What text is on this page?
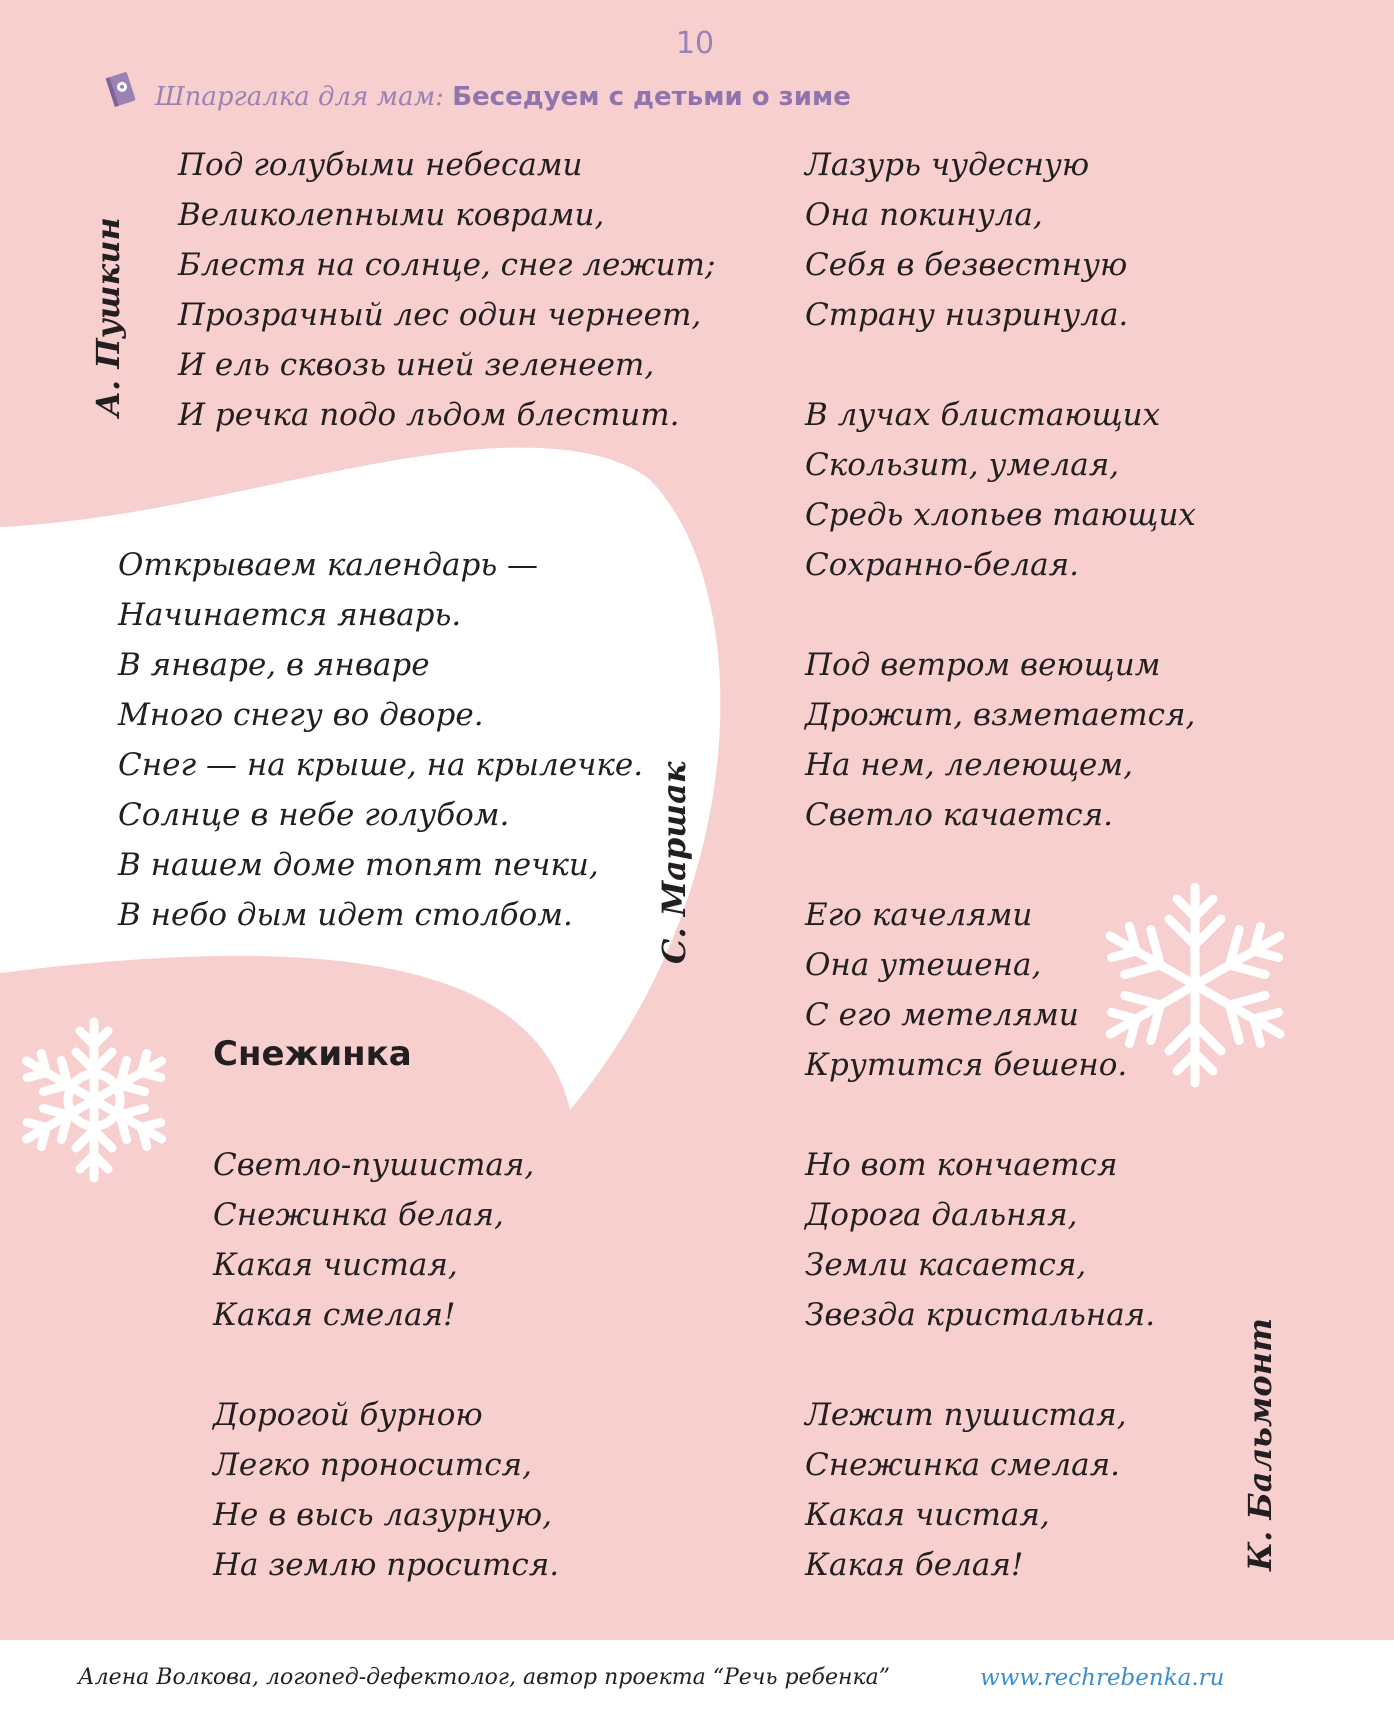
10
Шпаргалка для мам: Беседуем с детьми о зиме
Под голубыми небесами
Великолепными коврами,
Блестя на солнце, снег лежит;
Прозрачный лес один чернеет,
И ель сквозь иней зеленеет,
И речка подо льдом блестит.
А. Пушкин
Открываем календарь —
Начинается январь.
В январе, в январе
Много снегу во дворе.
Снег — на крыше, на крылечке.
Солнце в небе голубом.
В нашем доме топят печки,
В небо дым идет столбом.	С. Маршак
Снежинка
Светло-пушистая,
Снежинка белая,
Какая чистая,
Какая смелая!
Дорогой бурною
Легко проносится,
Не в высь лазурную,
На землю просится.
Лазурь чудесную
Она покинула,
Себя в безвестную
Страну низринула.
В лучах блистающих
Скользит, умелая,
Средь хлопьев тающих
Сохранно-белая.
Под ветром веющим
Дрожит, взметается,
На нем, лелеющем,
Светло качается.
Его качелями
Она утешена,
С его метелями
Крутится бешено.
Но вот кончается
Дорога дальняя,
Земли касается,
Звезда кристальная.
Лежит пушистая,
Снежинка смелая.
Какая чистая,
Какая белая!	К. Бальмонт
Алена Волкова, логопед-дефектолог, автор проекта “Речь ребенка”	www.rechrebenka.ru
